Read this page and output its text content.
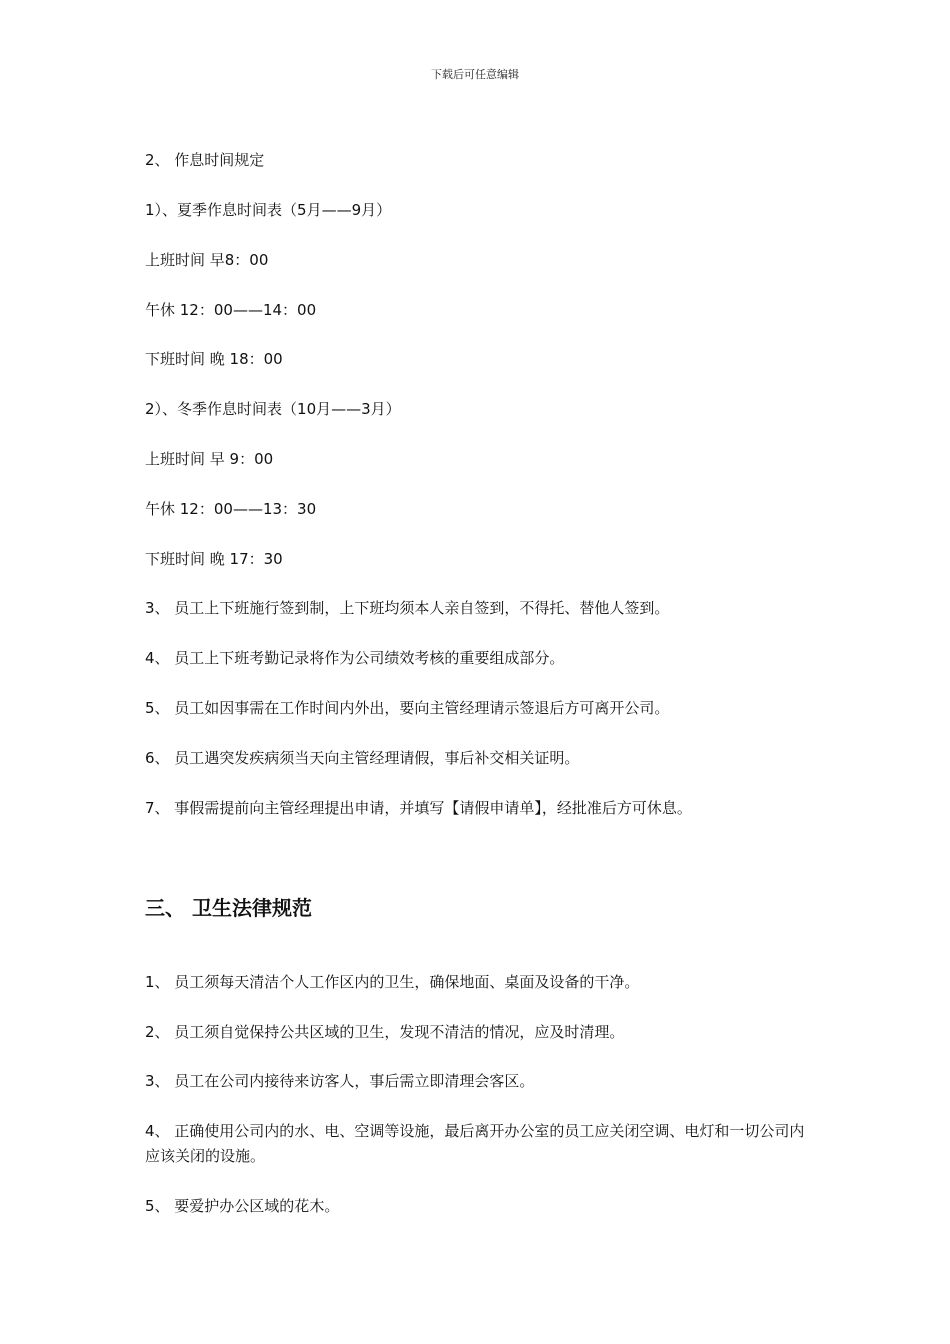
下载后可任意编辑
2、 作息时间规定
1）、夏季作息时间表（5月——9月）
上班时间 早8：00
午休 12：00——14：00
下班时间 晚 18：00
2）、冬季作息时间表（10月——3月）
上班时间 早 9：00
午休 12：00——13：30
下班时间 晚 17：30
3、 员工上下班施行签到制，上下班均须本人亲自签到，不得托、替他人签到。
4、 员工上下班考勤记录将作为公司绩效考核的重要组成部分。
5、 员工如因事需在工作时间内外出，要向主管经理请示签退后方可离开公司。
6、 员工遇突发疾病须当天向主管经理请假，事后补交相关证明。
7、 事假需提前向主管经理提出申请，并填写【请假申请单】，经批准后方可休息。
三、 卫生法律规范
1、 员工须每天清洁个人工作区内的卫生，确保地面、桌面及设备的干净。
2、 员工须自觉保持公共区域的卫生，发现不清洁的情况，应及时清理。
3、 员工在公司内接待来访客人，事后需立即清理会客区。
4、 正确使用公司内的水、电、空调等设施，最后离开办公室的员工应关闭空调、电灯和一切公司内应该关闭的设施。
5、 要爱护办公区域的花木。
